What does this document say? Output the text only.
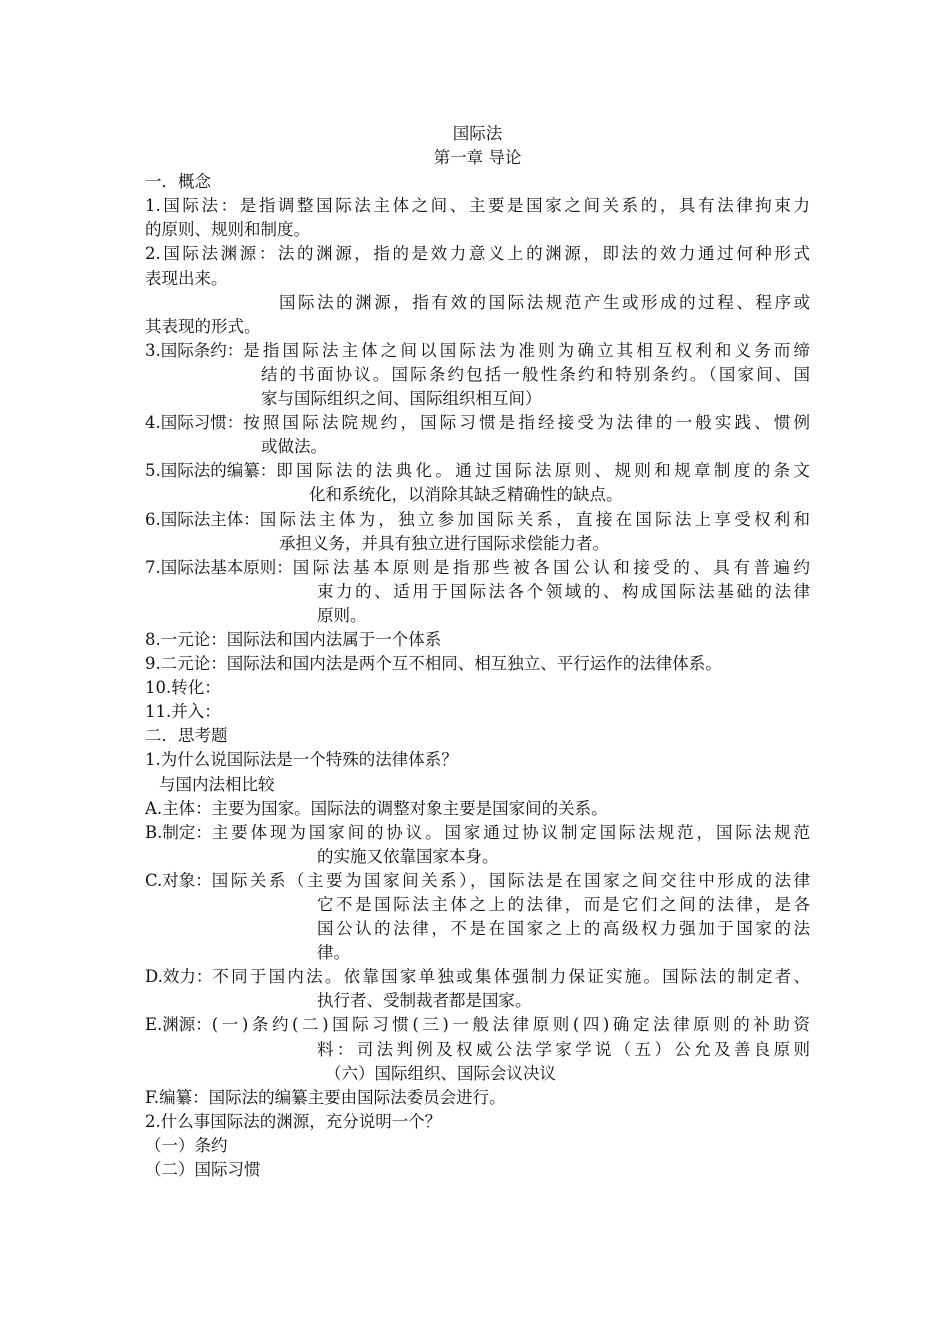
国际法
第一章 导论
一．概念
1.国际法：是指调整国际法主体之间、主要是国家之间关系的，具有法律拘束力
的原则、规则和制度。
2.国际法渊源：法的渊源，指的是效力意义上的渊源，即法的效力通过何种形式
表现出来。
国际法的渊源，指有效的国际法规范产生或形成的过程、程序或
其表现的形式。
3.国际条约： 是指国际法主体之间以国际法为准则为确立其相互权利和义务而缔
结的书面协议。国际条约包括一般性条约和特别条约。（国家间、国
家与国际组织之间、国际组织相互间）
4.国际习惯： 按照国际法院规约，国际习惯是指经接受为法律的一般实践、惯例
或做法。
5.国际法的编纂： 即国际法的法典化。通过国际法原则、规则和规章制度的条文
化和系统化，以消除其缺乏精确性的缺点。
6.国际法主体： 国际法主体为，独立参加国际关系，直接在国际法上享受权利和
承担义务，并具有独立进行国际求偿能力者。
7.国际法基本原则： 国际法基本原则是指那些被各国公认和接受的、具有普遍约
束力的、适用于国际法各个领域的、构成国际法基础的法律
原则。
8.一元论：国际法和国内法属于一个体系
9.二元论：国际法和国内法是两个互不相同、相互独立、平行运作的法律体系。
10.转化：
11.并入：
二．思考题
1.为什么说国际法是一个特殊的法律体系？
与国内法相比较
A.主体：主要为国家。国际法的调整对象主要是国家间的关系。
B.制定： 主要体现为国家间的协议。国家通过协议制定国际法规范，国际法规范
的实施又依靠国家本身。
C.对象： 国际关系（主要为国家间关系），国际法是在国家之间交往中形成的法律
它不是国际法主体之上的法律，而是它们之间的法律，是各
国公认的法律，不是在国家之上的高级权力强加于国家的法
律。
D.效力： 不同于国内法。依靠国家单独或集体强制力保证实施。国际法的制定者、
执行者、受制裁者都是国家。
E.渊源： (一)条约(二)国际习惯(三)一般法律原则(四)确定法律原则的补助资
料：司法判例及权威公法学家学说（五）公允及善良原则
（六）国际组织、国际会议决议
F.编纂：国际法的编纂主要由国际法委员会进行。
2.什么事国际法的渊源，充分说明一个？
（一）条约
（二）国际习惯
